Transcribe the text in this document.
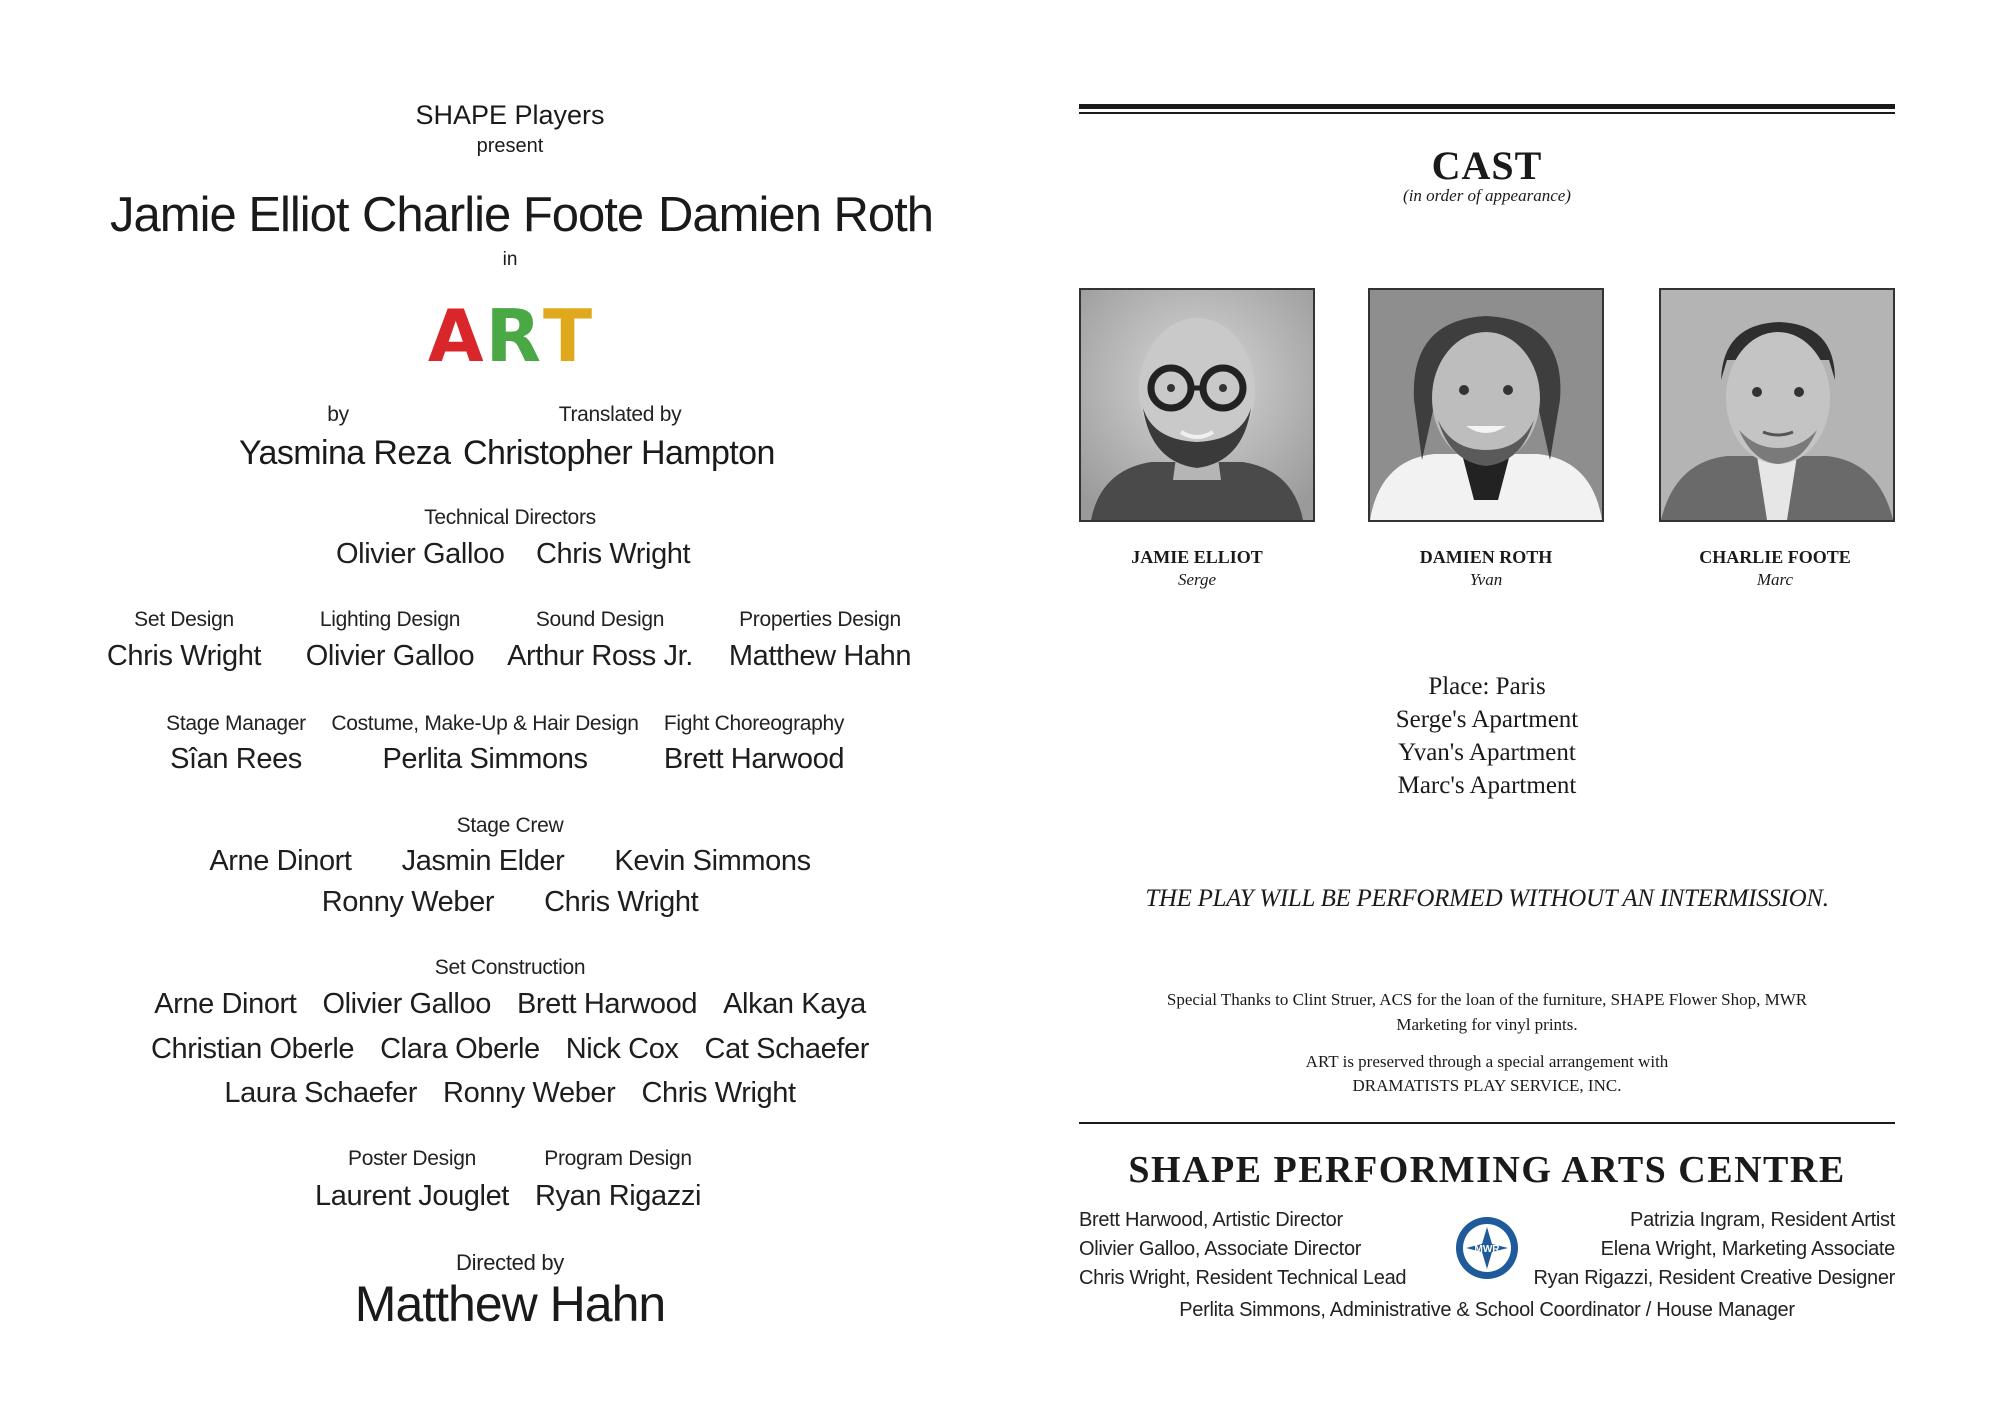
SHAPE Players
present
Jamie Elliot Charlie Foote Damien Roth
in
A R T
by	Translated by
Yasmina Reza Christopher Hampton
Technical Directors
Olivier Galloo Chris Wright
Set Design
Chris Wright
Lighting Design
Olivier Galloo
Sound Design
Arthur Ross Jr.
Properties Design
Matthew Hahn
Stage Manager
Sîan Rees
Costume, Make-Up & Hair Design
Perlita Simmons
Fight Choreography
Brett Harwood
Stage Crew
Arne Dinort Jasmin Elder Kevin Simmons
Ronny Weber Chris Wright
Set Construction
Arne Dinort Olivier Galloo Brett Harwood Alkan Kaya
Christian Oberle Clara Oberle Nick Cox Cat Schaefer
Laura Schaefer Ronny Weber Chris Wright
Poster Design
Laurent Jouglet
Program Design
Ryan Rigazzi
Directed by
Matthew Hahn
CAST
(in order of appearance)
JAMIE ELLIOT
Serge
DAMIEN ROTH
Yvan
CHARLIE FOOTE
Marc
Place: Paris
Serge's Apartment
Yvan's Apartment
Marc's Apartment
THE PLAY WILL BE PERFORMED WITHOUT AN INTERMISSION.
Special Thanks to Clint Struer, ACS for the loan of the furniture, SHAPE Flower Shop, MWR
Marketing for vinyl prints.
ART is preserved through a special arrangement with
DRAMATISTS PLAY SERVICE, INC.
SHAPE PERFORMING ARTS CENTRE
Brett Harwood, Artistic Director
Olivier Galloo, Associate Director
Chris Wright, Resident Technical Lead
Patrizia Ingram, Resident Artist
Elena Wright, Marketing Associate
Ryan Rigazzi, Resident Creative Designer
MWR
Perlita Simmons, Administrative & School Coordinator / House Manager
